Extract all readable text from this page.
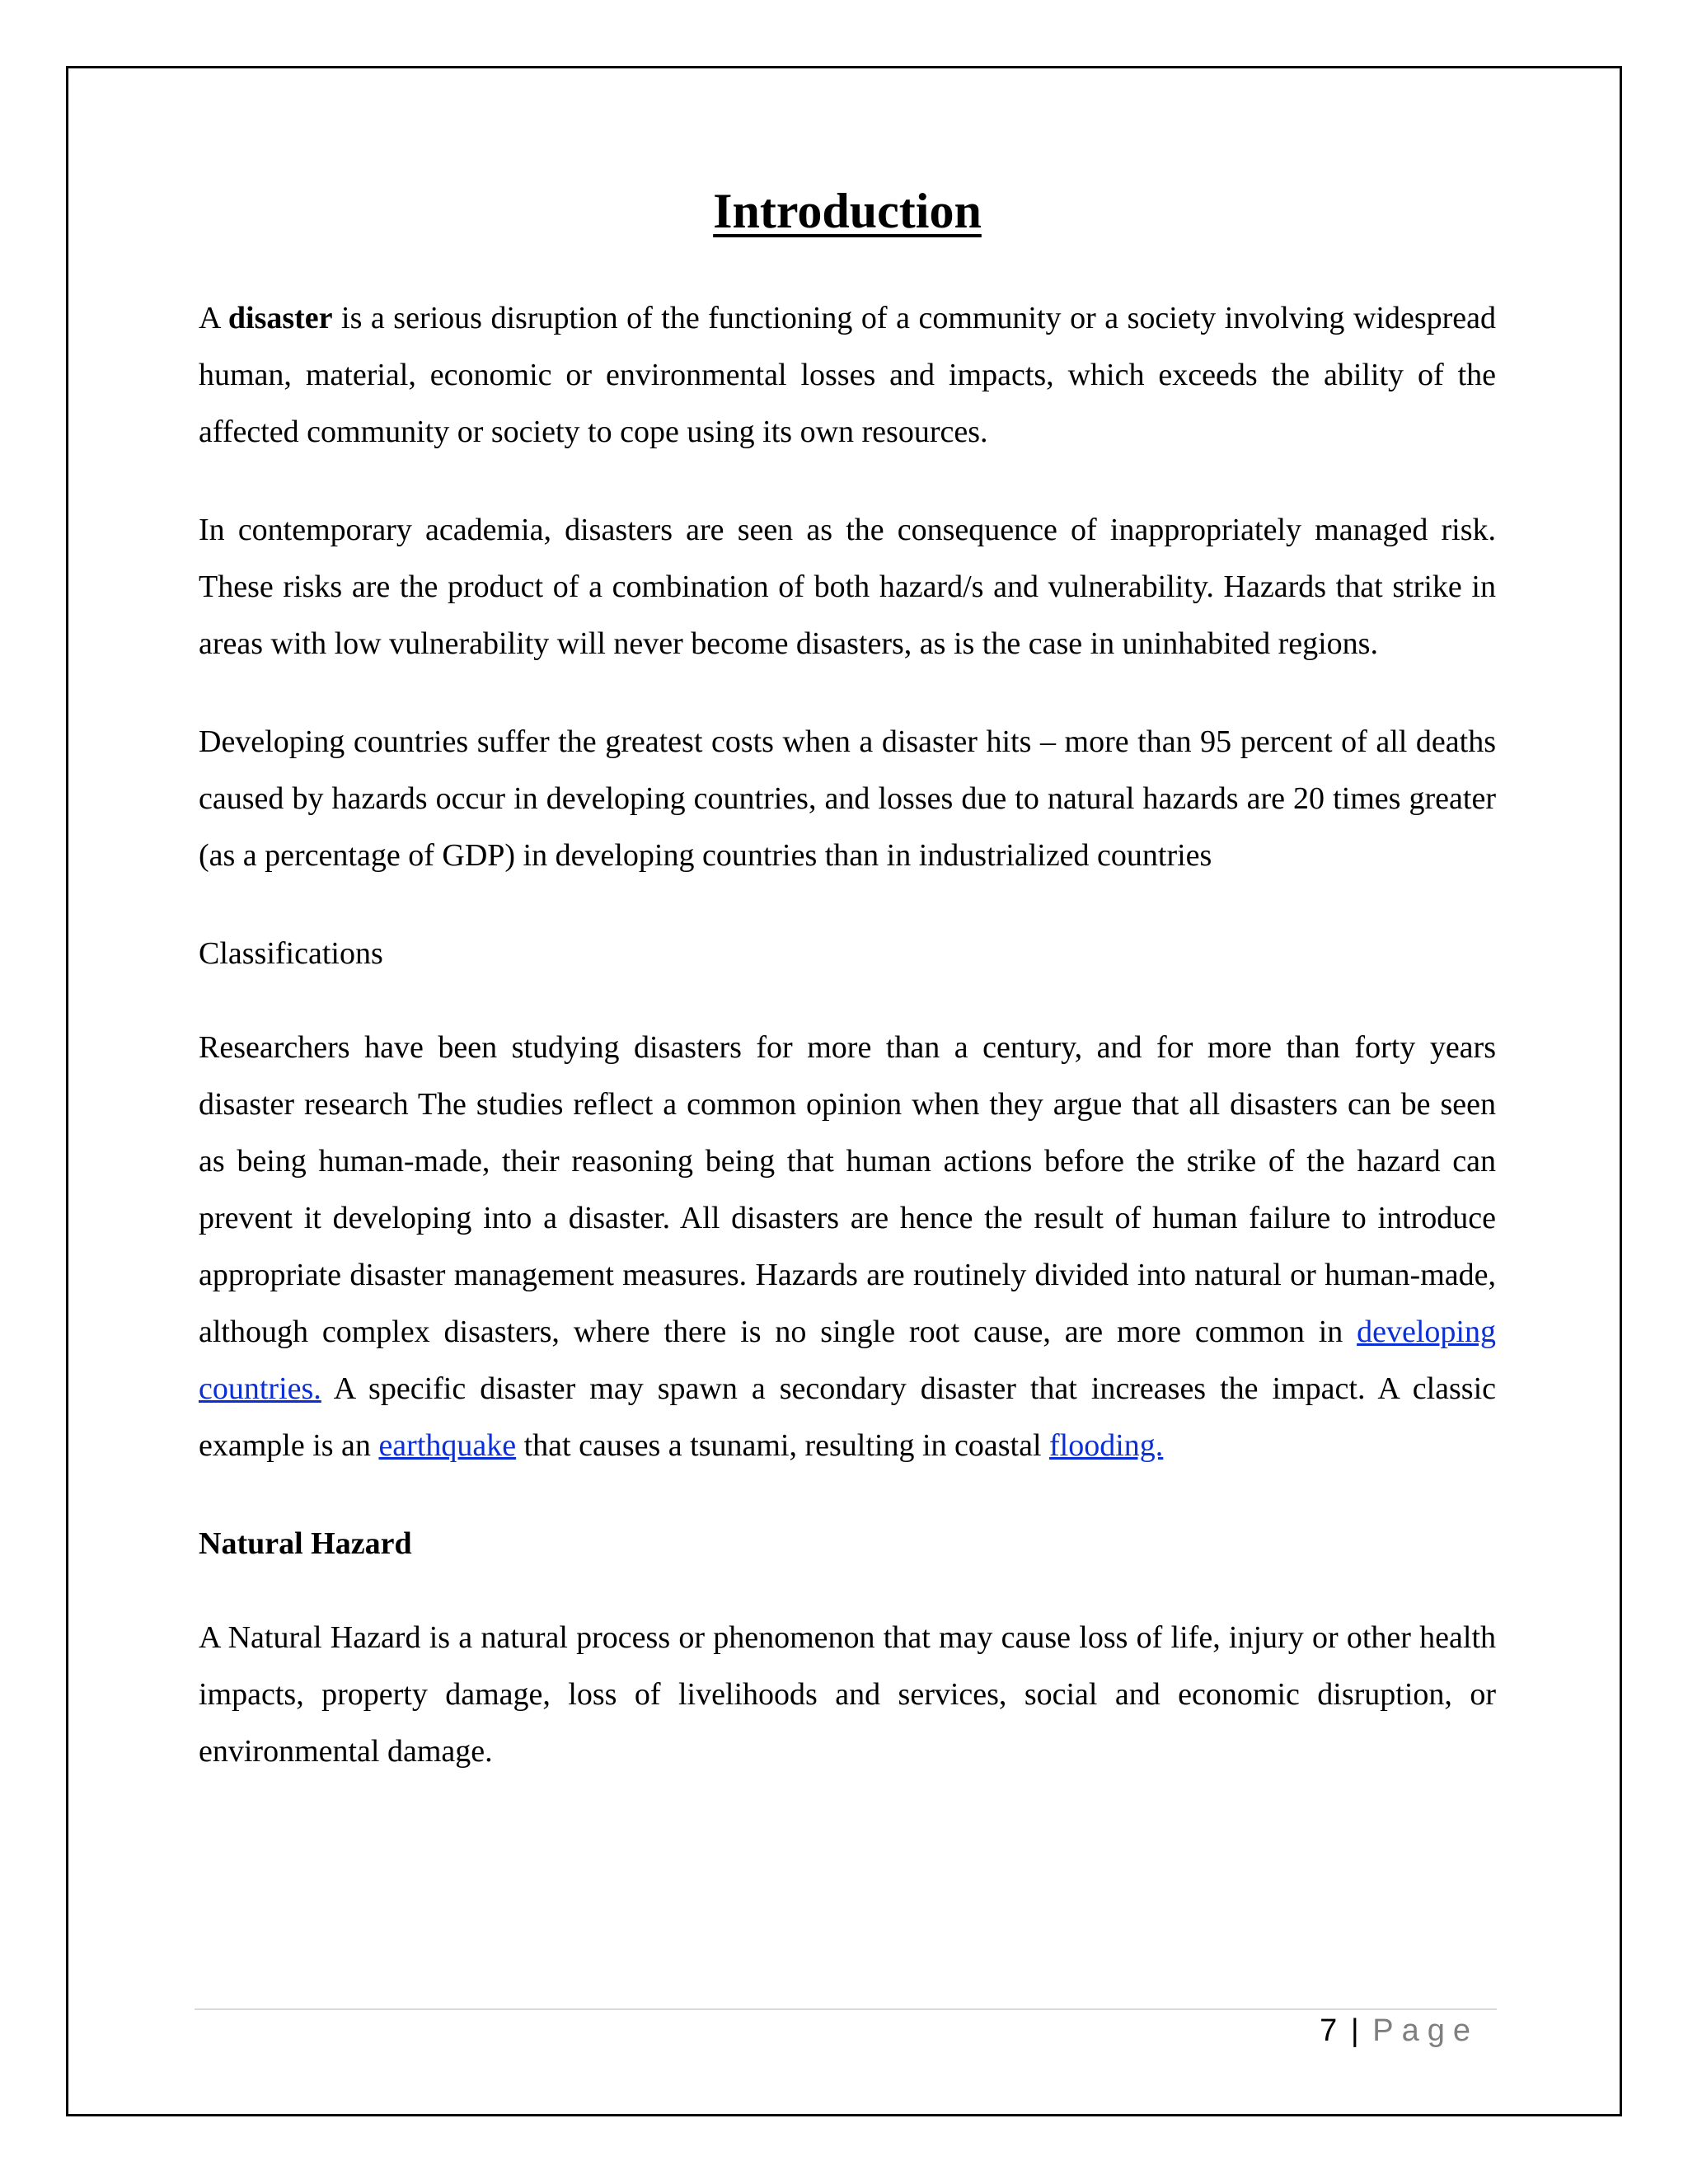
Introduction

A disaster is a serious disruption of the functioning of a community or a society involving widespread human, material, economic or environmental losses and impacts, which exceeds the ability of the affected community or society to cope using its own resources.

In contemporary academia, disasters are seen as the consequence of inappropriately managed risk. These risks are the product of a combination of both hazard/s and vulnerability. Hazards that strike in areas with low vulnerability will never become disasters, as is the case in uninhabited regions.

Developing countries suffer the greatest costs when a disaster hits – more than 95 percent of all deaths caused by hazards occur in developing countries, and losses due to natural hazards are 20 times greater (as a percentage of GDP) in developing countries than in industrialized countries

Classifications

Researchers have been studying disasters for more than a century, and for more than forty years disaster research The studies reflect a common opinion when they argue that all disasters can be seen as being human-made, their reasoning being that human actions before the strike of the hazard can prevent it developing into a disaster. All disasters are hence the result of human failure to introduce appropriate disaster management measures. Hazards are routinely divided into natural or human-made, although complex disasters, where there is no single root cause, are more common in developing countries. A specific disaster may spawn a secondary disaster that increases the impact. A classic example is an earthquake that causes a tsunami, resulting in coastal flooding.

Natural Hazard

A Natural Hazard is a natural process or phenomenon that may cause loss of life, injury or other health impacts, property damage, loss of livelihoods and services, social and economic disruption, or environmental damage.

7 | Page
